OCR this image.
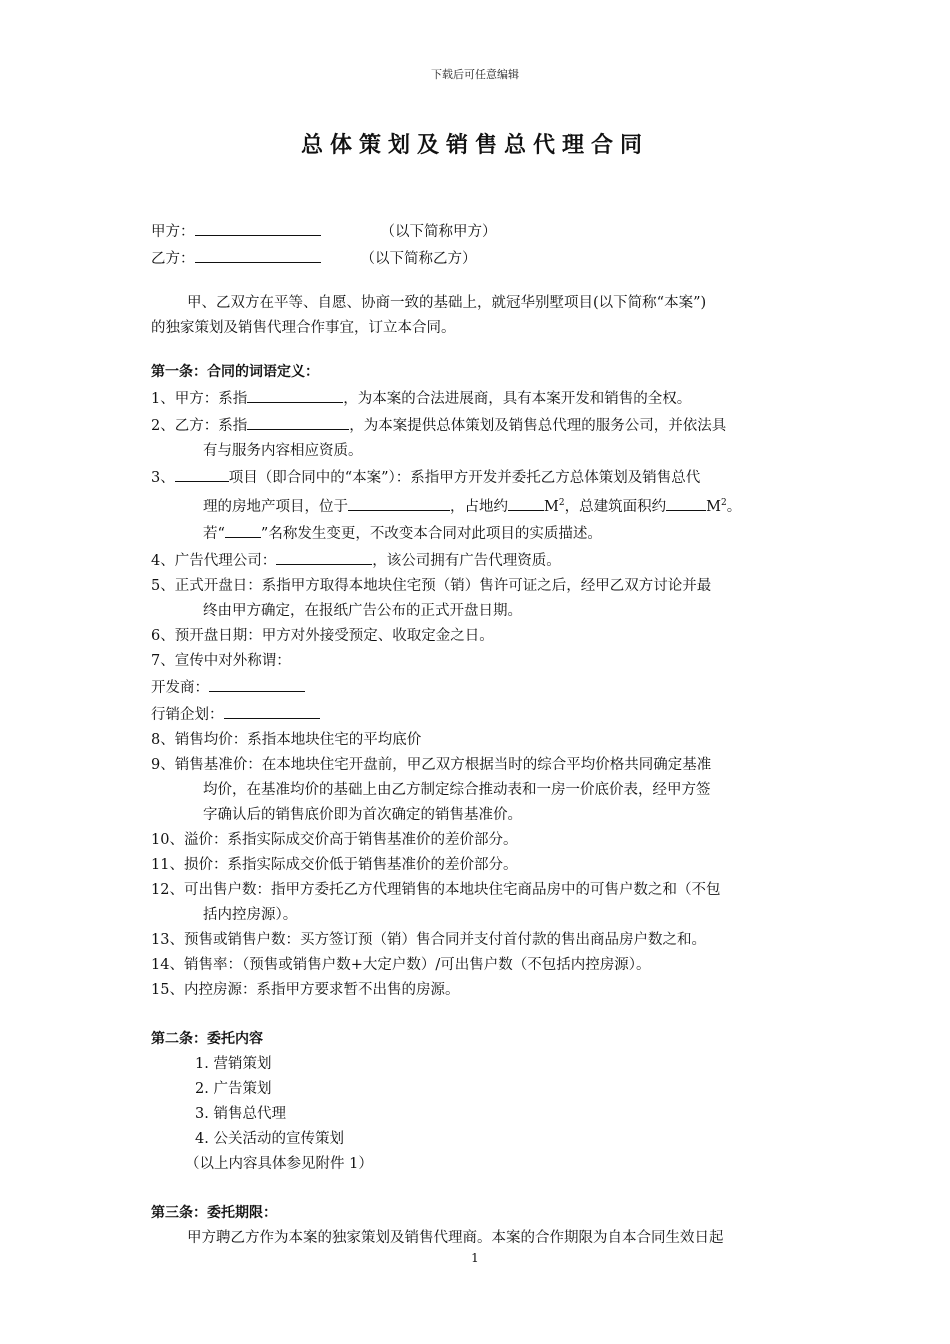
下载后可任意编辑
总体策划及销售总代理合同
甲方：	（以下简称甲方）
乙方：	（以下简称乙方）
甲、乙双方在平等、自愿、协商一致的基础上，就冠华别墅项目(以下简称“本案”)
的独家策划及销售代理合作事宜，订立本合同。
第一条：合同的词语定义：
1、甲方：系指	，为本案的合法进展商，具有本案开发和销售的全权。
2、乙方：系指	，为本案提供总体策划及销售总代理的服务公司，并依法具
有与服务内容相应资质。
3、	项目（即合同中的“本案”）：系指甲方开发并委托乙方总体策划及销售总代
理的房地产项目，位于	，占地约 $M^2$，总建筑面积约	$M^2$。
若“ ”名称发生变更，不改变本合同对此项目的实质描述。
4、广告代理公司：	，该公司拥有广告代理资质。
5、正式开盘日：系指甲方取得本地块住宅预（销）售许可证之后，经甲乙双方讨论并最
终由甲方确定，在报纸广告公布的正式开盘日期。
6、预开盘日期：甲方对外接受预定、收取定金之日。
7、宣传中对外称谓：
开发商：
行销企划：
8、销售均价：系指本地块住宅的平均底价
9、销售基准价：在本地块住宅开盘前，甲乙双方根据当时的综合平均价格共同确定基准
均价，在基准均价的基础上由乙方制定综合推动表和一房一价底价表，经甲方签
字确认后的销售底价即为首次确定的销售基准价。
10、溢价：系指实际成交价高于销售基准价的差价部分。
11、损价：系指实际成交价低于销售基准价的差价部分。
12、可出售户数：指甲方委托乙方代理销售的本地块住宅商品房中的可售户数之和（不包
括内控房源）。
13、预售或销售户数：买方签订预（销）售合同并支付首付款的售出商品房户数之和。
14、销售率：（预售或销售户数+大定户数）/可出售户数（不包括内控房源）。
15、内控房源：系指甲方要求暂不出售的房源。
第二条：委托内容
1. 营销策划
2. 广告策划
3. 销售总代理
4. 公关活动的宣传策划
（以上内容具体参见附件 1）
第三条：委托期限：
甲方聘乙方作为本案的独家策划及销售代理商。本案的合作期限为自本合同生效日起
1
